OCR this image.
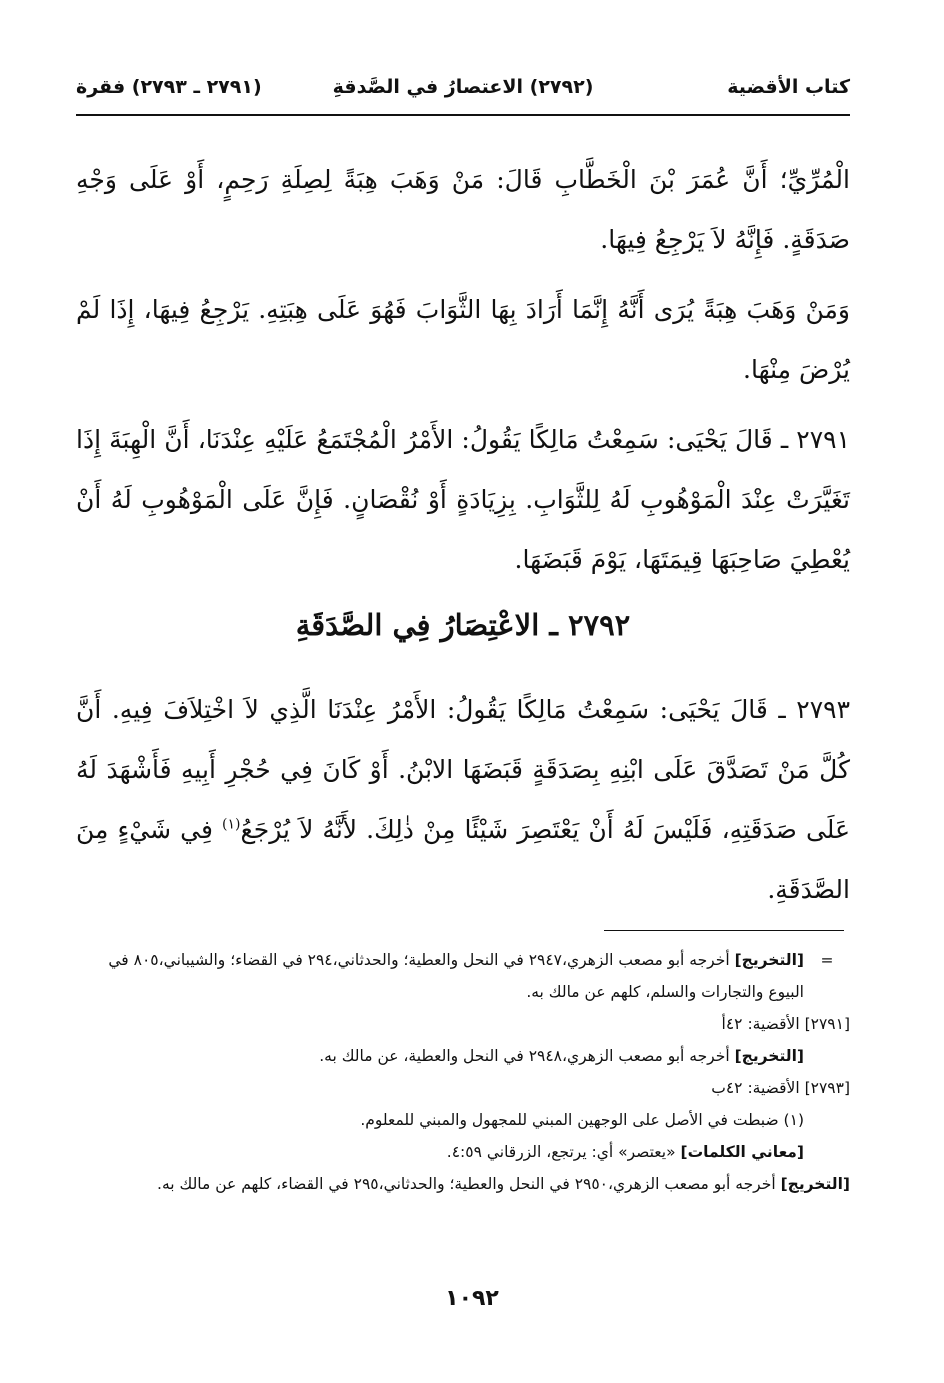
كتاب الأقضية
(٢٧٩٢) الاعتصارُ في الصَّدقةِ
(٢٧٩١ ـ ٢٧٩٣) فقرة

الْمُرِّيِّ؛ أَنَّ عُمَرَ بْنَ الْخَطَّابِ قَالَ: مَنْ وَهَبَ هِبَةً لِصِلَةِ رَحِمٍ، أَوْ عَلَى وَجْهِ صَدَقَةٍ. فَإِنَّهُ لاَ يَرْجِعُ فِيهَا.

وَمَنْ وَهَبَ هِبَةً يُرَى أَنَّهُ إِنَّمَا أَرَادَ بِهَا الثَّوَابَ فَهُوَ عَلَى هِبَتِهِ. يَرْجِعُ فِيهَا، إِذَا لَمْ يُرْضَ مِنْهَا.

٢٧٩١ ـ قَالَ يَحْيَى: سَمِعْتُ مَالِكًا يَقُولُ: الأَمْرُ الْمُجْتَمَعُ عَلَيْهِ عِنْدَنَا، أَنَّ الْهِبَةَ إِذَا تَغَيَّرَتْ عِنْدَ الْمَوْهُوبِ لَهُ لِلثَّوَابِ. بِزِيَادَةٍ أَوْ نُقْصَانٍ. فَإِنَّ عَلَى الْمَوْهُوبِ لَهُ أَنْ يُعْطِيَ صَاحِبَهَا قِيمَتَهَا، يَوْمَ قَبَضَهَا.

٢٧٩٢ ـ الاعْتِصَارُ فِي الصَّدَقَةِ

٢٧٩٣ ـ قَالَ يَحْيَى: سَمِعْتُ مَالِكًا يَقُولُ: الأَمْرُ عِنْدَنَا الَّذِي لاَ اخْتِلاَفَ فِيهِ. أَنَّ كُلَّ مَنْ تَصَدَّقَ عَلَى ابْنِهِ بِصَدَقَةٍ قَبَضَهَا الابْنُ. أَوْ كَانَ فِي حُجْرِ أَبِيهِ فَأَشْهَدَ لَهُ عَلَى صَدَقَتِهِ، فَلَيْسَ لَهُ أَنْ يَعْتَصِرَ شَيْئًا مِنْ ذٰلِكَ. لأَنَّهُ لاَ يُرْجَعُ$^{(١)}$ فِي شَيْءٍ مِنَ الصَّدَقَةِ.

=[التخريج] أخرجه أبو مصعب الزهري،٢٩٤٧ في النحل والعطية؛ والحدثاني،٢٩٤ في القضاء؛ والشيباني،٨٠٥ في البيوع والتجارات والسلم، كلهم عن مالك به.

[٢٧٩١] الأقضية: ٤٢أ

[التخريج] أخرجه أبو مصعب الزهري،٢٩٤٨ في النحل والعطية، عن مالك به.

[٢٧٩٣] الأقضية: ٤٢ب

(١) ضبطت في الأصل على الوجهين المبني للمجهول والمبني للمعلوم.

[معاني الكلمات] «يعتصر» أي: يرتجع، الزرقاني ٤:٥٩.

[التخريج] أخرجه أبو مصعب الزهري،٢٩٥٠ في النحل والعطية؛ والحدثاني،٢٩٥ في القضاء، كلهم عن مالك به.

١٠٩٢
